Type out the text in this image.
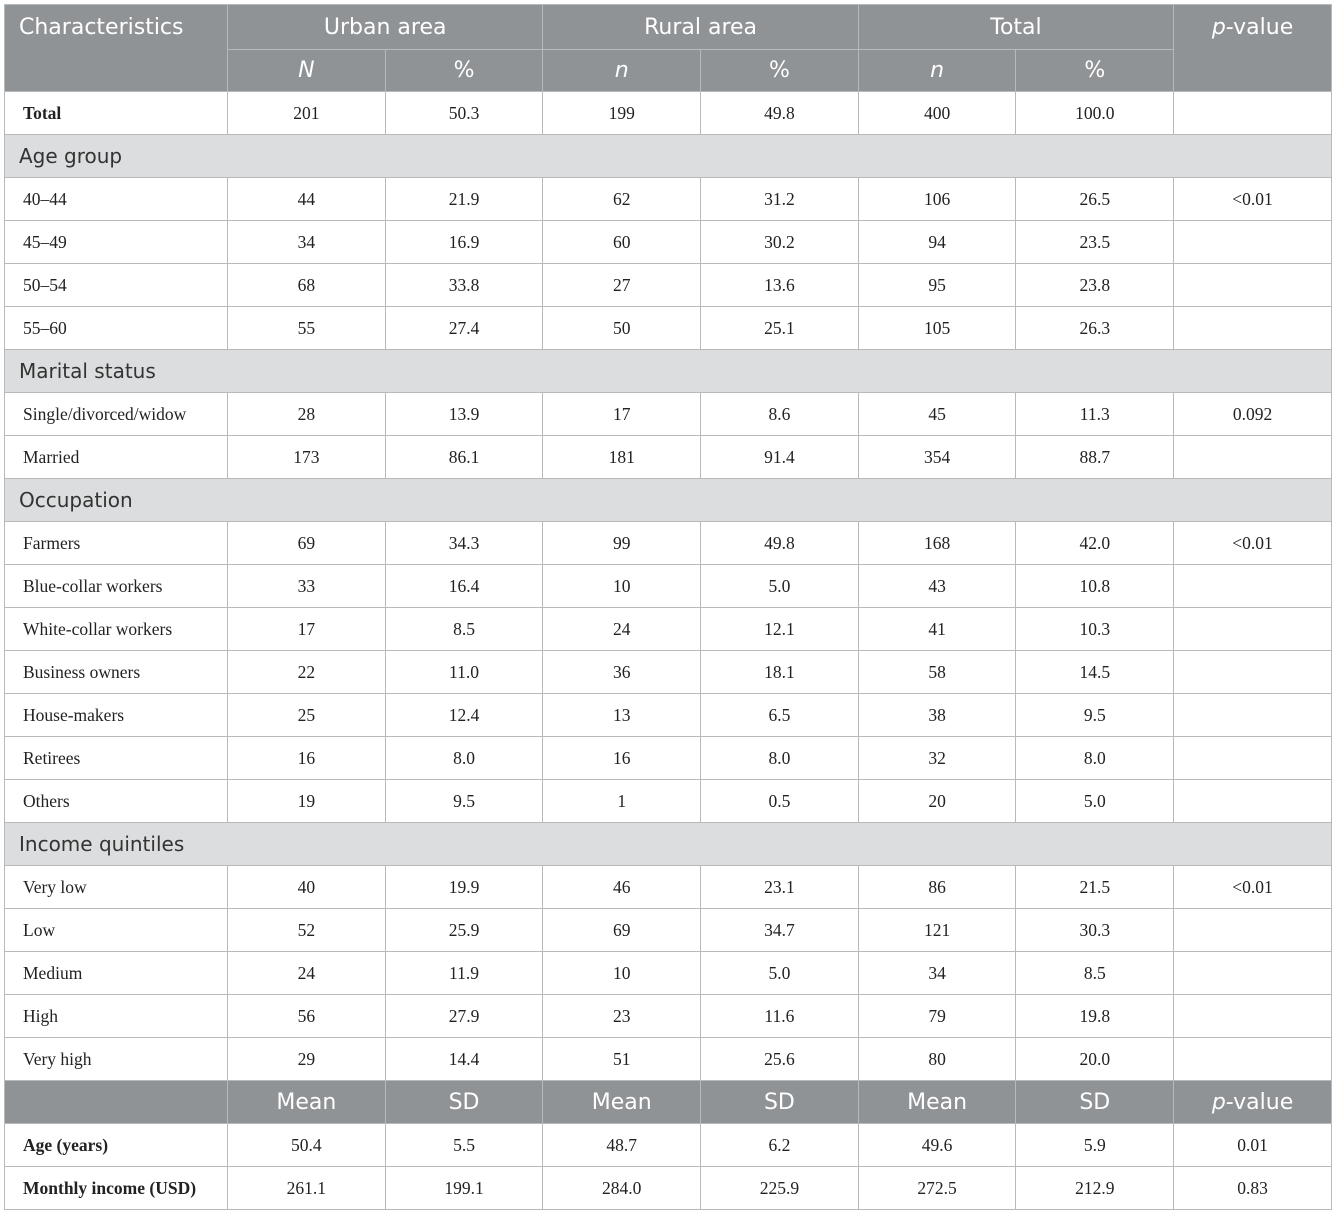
Characteristics	Urban area		Rural area		Total		p-value
	N	%	n	%	n	%	
Total	201	50.3	199	49.8	400	100.0	
Age group							
40–44	44	21.9	62	31.2	106	26.5	<0.01
45–49	34	16.9	60	30.2	94	23.5	
50–54	68	33.8	27	13.6	95	23.8	
55–60	55	27.4	50	25.1	105	26.3	
Marital status							
Single/divorced/widow	28	13.9	17	8.6	45	11.3	0.092
Married	173	86.1	181	91.4	354	88.7	
Occupation							
Farmers	69	34.3	99	49.8	168	42.0	<0.01
Blue-collar workers	33	16.4	10	5.0	43	10.8	
White-collar workers	17	8.5	24	12.1	41	10.3	
Business owners	22	11.0	36	18.1	58	14.5	
House-makers	25	12.4	13	6.5	38	9.5	
Retirees	16	8.0	16	8.0	32	8.0	
Others	19	9.5	1	0.5	20	5.0	
Income quintiles							
Very low	40	19.9	46	23.1	86	21.5	<0.01
Low	52	25.9	69	34.7	121	30.3	
Medium	24	11.9	10	5.0	34	8.5	
High	56	27.9	23	11.6	79	19.8	
Very high	29	14.4	51	25.6	80	20.0	
	Mean	SD	Mean	SD	Mean	SD	p-value
Age (years)	50.4	5.5	48.7	6.2	49.6	5.9	0.01
Monthly income (USD)	261.1	199.1	284.0	225.9	272.5	212.9	0.83
